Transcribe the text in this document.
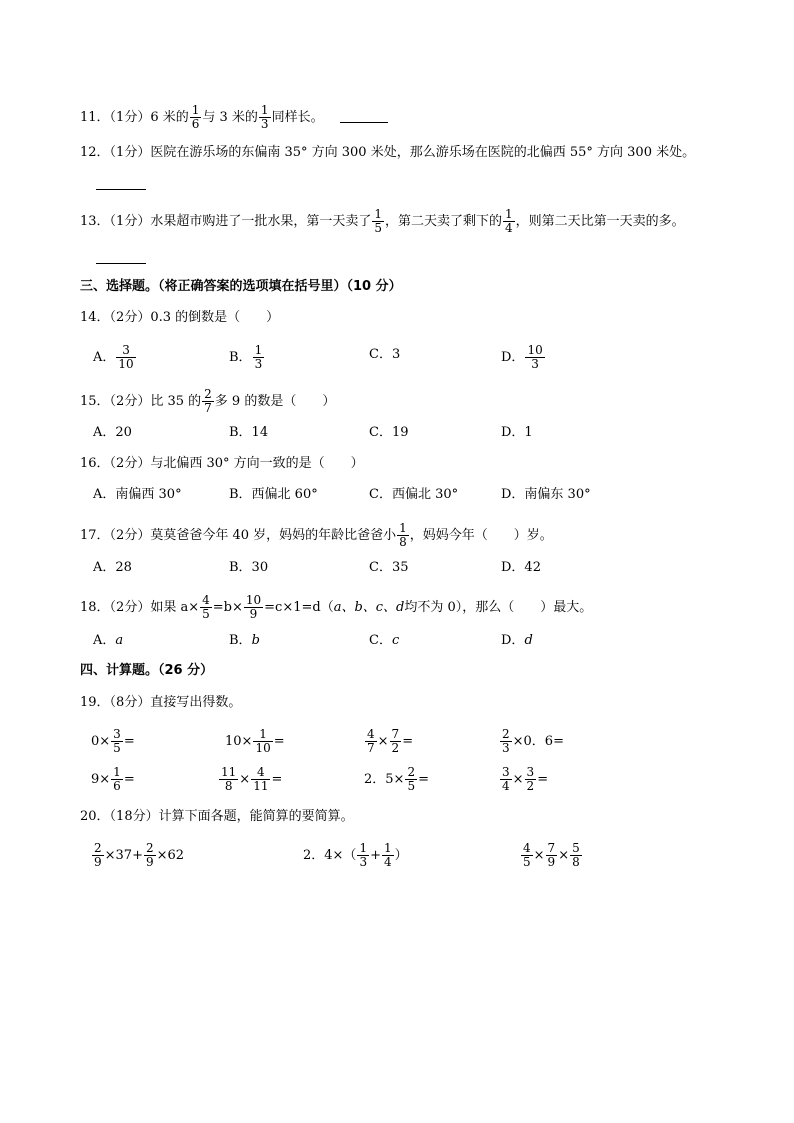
11．（1分）6 米的 $\frac{1}{6}$ 与 3 米的 $\frac{1}{3}$ 同样长。
12．（1分）医院在游乐场的东偏南 35° 方向 300 米处，那么游乐场在医院的北偏西 55° 方向 300 米处。
13．（1分）水果超市购进了一批水果，第一天卖了 $\frac{1}{5}$ ，第二天卖了剩下的 $\frac{1}{4}$ ，则第二天比第一天卖的多。
三、选择题。（将正确答案的选项填在括号里）（10 分）
14．（2分）0.3 的倒数是（　　）
A． $\frac{3}{10}$	B． $\frac{1}{3}$	C．3	D． $\frac{10}{3}$
15．（2分）比 35 的 $\frac{2}{7}$ 多 9 的数是（　　）
A．20	B．14	C．19	D．1
16．（2分）与北偏西 30° 方向一致的是（　　）
A．南偏西 30°	B．西偏北 60°	C．西偏北 30°	D．南偏东 30°
17．（2分）莫莫爸爸今年 40 岁，妈妈的年龄比爸爸小 $\frac{1}{8}$ ，妈妈今年（　　）岁。
A．28	B．30	C．35	D．42
18．（2分）如果 $a\times \frac{4}{5} =b\times \frac{10}{9} =c\times 1=d(a$、b、c、d均不为 0），那么（　　）最大。
A．a	B．b	C．c	D．d
四、计算题。（26 分）
19．（8分）直接写出得数。
$0\times \frac{3}{5}$ =	$10\times \frac{1}{10}$ =	$\frac{4}{7} \times \frac{7}{2}$ =	$\frac{2}{3} \times 0$．6=
$9\times \frac{1}{6}$ =	$\frac{11}{8} \times \frac{4}{11}$ =	2．$5\times \frac{2}{5}$ =	$\frac{3}{4} \times \frac{3}{2}$ =
20．（18分）计算下面各题，能简算的要简算。
$\frac{2}{9} \times 37+ \frac{2}{9} \times 62$	2．$4\times( \frac{1}{3} + \frac{1}{4}$ ）	$\frac{4}{5} \times \frac{7}{9} \times \frac{5}{8}$
